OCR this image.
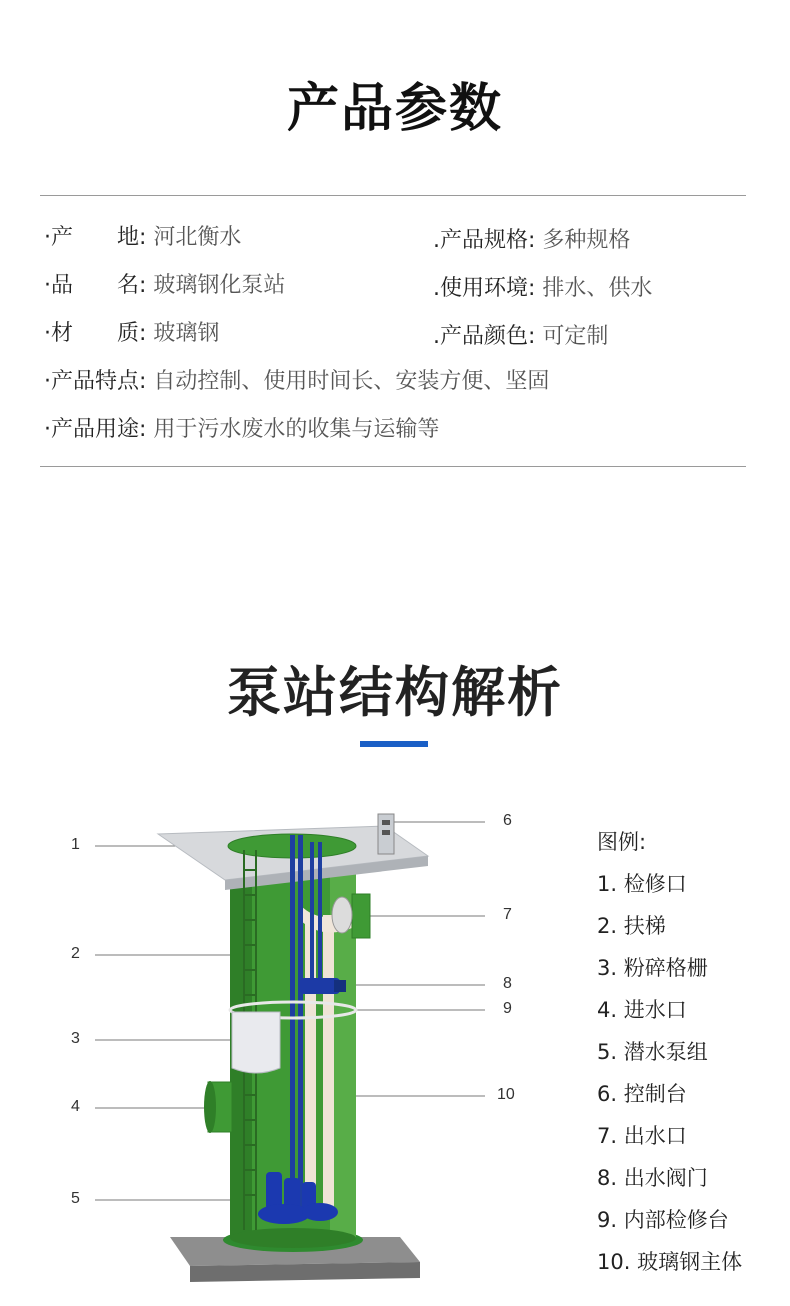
产品参数
·产　　地: 河北衡水	.产品规格: 多种规格
·品　　名: 玻璃钢化泵站	.使用环境: 排水、供水
·材　　质: 玻璃钢	.产品颜色: 可定制
·产品特点: 自动控制、使用时间长、安装方便、坚固
·产品用途: 用于污水废水的收集与运输等
泵站结构解析
1
2
3
4
5
6
7
8
9
10
图例:
1. 检修口
2. 扶梯
3. 粉碎格栅
4. 进水口
5. 潜水泵组
6. 控制台
7. 出水口
8. 出水阀门
9. 内部检修台
10. 玻璃钢主体
